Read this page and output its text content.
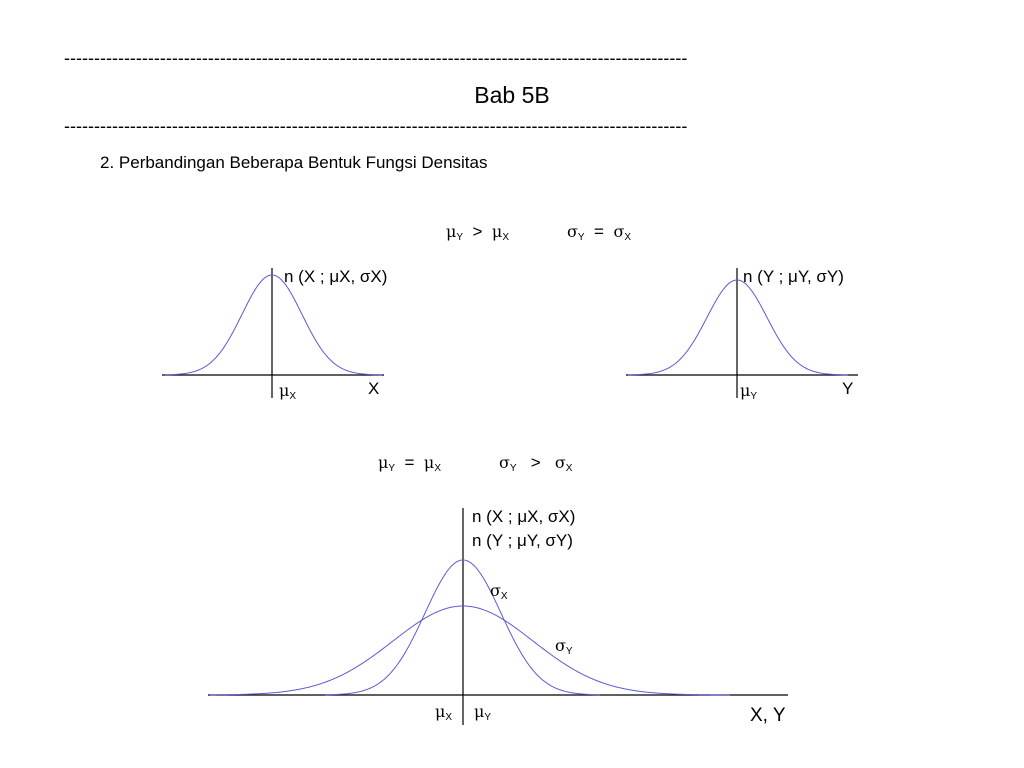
--------------------------------------------------------------------------------------------------------
Bab 5B
--------------------------------------------------------------------------------------------------------
2. Perbandingan Beberapa Bentuk Fungsi Densitas
$\mu_Y > \mu_X$	$\sigma_Y = \sigma_X$
n (X ; μX, σX)
$\mu_X$	X
n (Y ; μY, σY)
$\mu_Y$	Y
$\mu_Y = \mu_X$	$\sigma_Y > \sigma_X$
n (X ; μX, σX)
n (Y ; μY, σY)
$\sigma_X$
$\sigma_Y$
$\mu_X$ $\mu_Y$	X, Y
